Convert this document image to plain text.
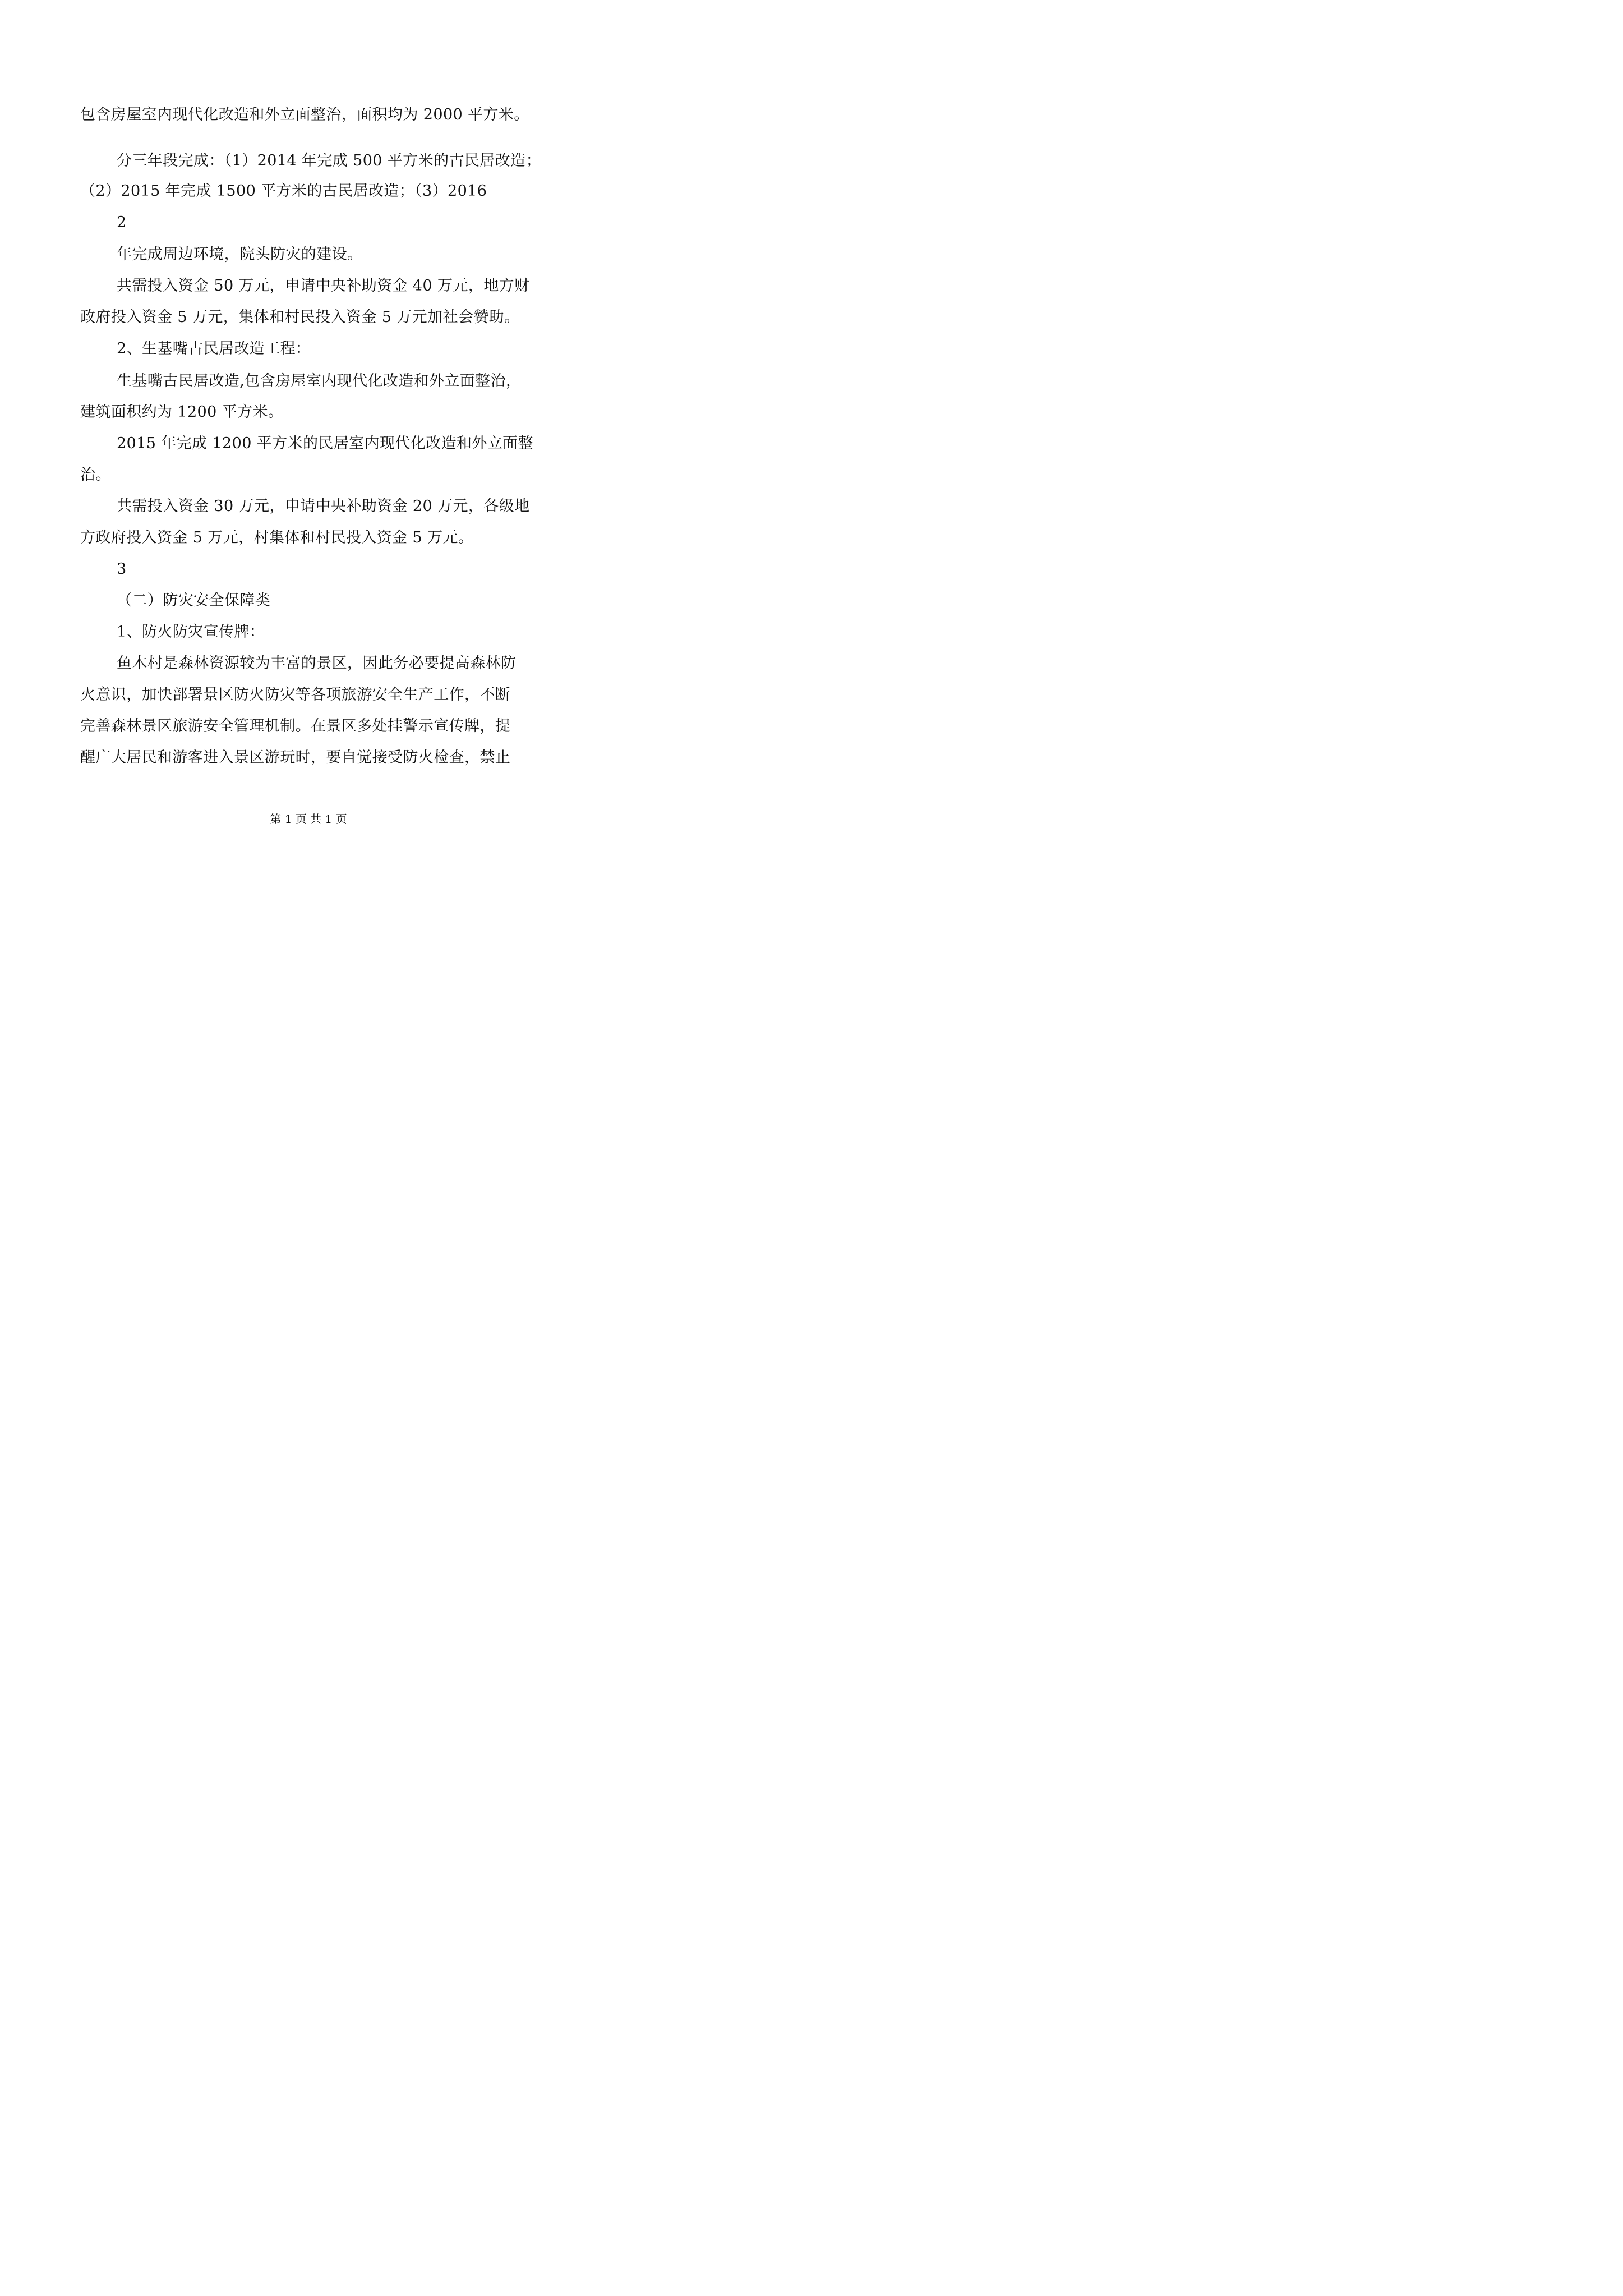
包含房屋室内现代化改造和外立面整治，面积均为 2000 平方米。
分三年段完成：（1）2014 年完成 500 平方米的古民居改造；
（2）2015 年完成 1500 平方米的古民居改造；（3）2016
2
年完成周边环境，院头防灾的建设。
共需投入资金 50 万元，申请中央补助资金 40 万元，地方财
政府投入资金 5 万元，集体和村民投入资金 5 万元加社会赞助。
2、生基嘴古民居改造工程：
生基嘴古民居改造,包含房屋室内现代化改造和外立面整治，
建筑面积约为 1200 平方米。
2015 年完成 1200 平方米的民居室内现代化改造和外立面整
治。
共需投入资金 30 万元，申请中央补助资金 20 万元，各级地
方政府投入资金 5 万元，村集体和村民投入资金 5 万元。
3
（二）防灾安全保障类
1、防火防灾宣传牌：
鱼木村是森林资源较为丰富的景区，因此务必要提高森林防
火意识，加快部署景区防火防灾等各项旅游安全生产工作，不断
完善森林景区旅游安全管理机制。在景区多处挂警示宣传牌，提
醒广大居民和游客进入景区游玩时，要自觉接受防火检查，禁止
第 1 页 共 1 页
